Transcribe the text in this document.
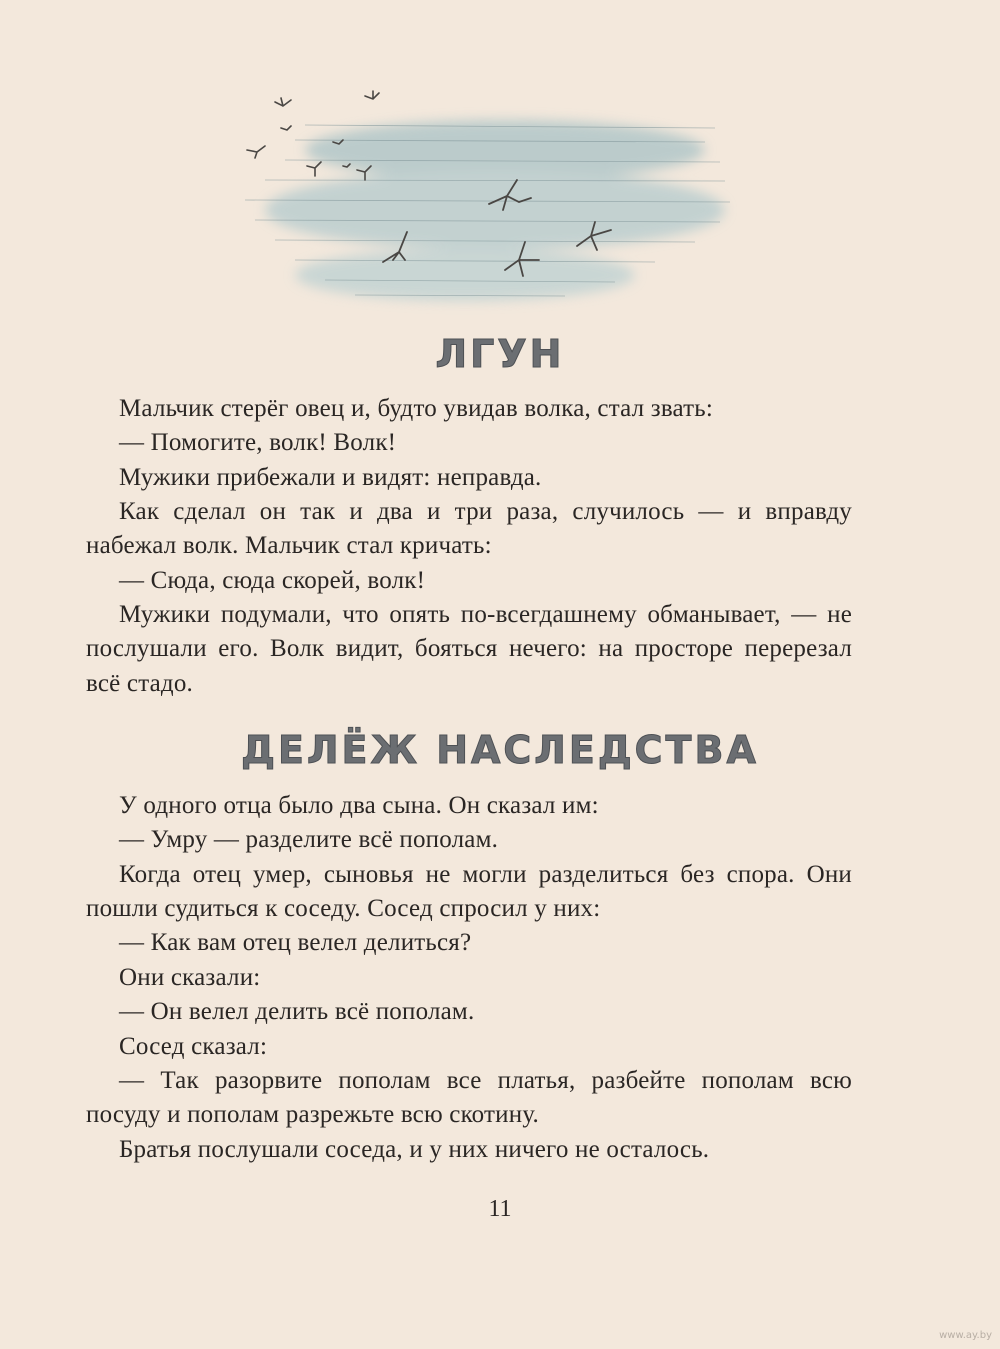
ЛГУН

Мальчик стерёг овец и, будто увидав волка, стал звать:

— Помогите, волк! Волк!

Мужики прибежали и видят: неправда.

Как сделал он так и два и три раза, случилось — и вправду набежал волк. Мальчик стал кричать:

— Сюда, сюда скорей, волк!

Мужики подумали, что опять по-всегдашнему обманывает, — не послушали его. Волк видит, бояться нечего: на просторе перерезал всё стадо.

ДЕЛЁЖ НАСЛЕДСТВА

У одного отца было два сына. Он сказал им:

— Умру — разделите всё пополам.

Когда отец умер, сыновья не могли разделиться без спора. Они пошли судиться к соседу. Сосед спросил у них:

— Как вам отец велел делиться?

Они сказали:

— Он велел делить всё пополам.

Сосед сказал:

— Так разорвите пополам все платья, разбейте пополам всю посуду и пополам разрежьте всю скотину.

Братья послушали соседа, и у них ничего не осталось.

11

www.ay.by
